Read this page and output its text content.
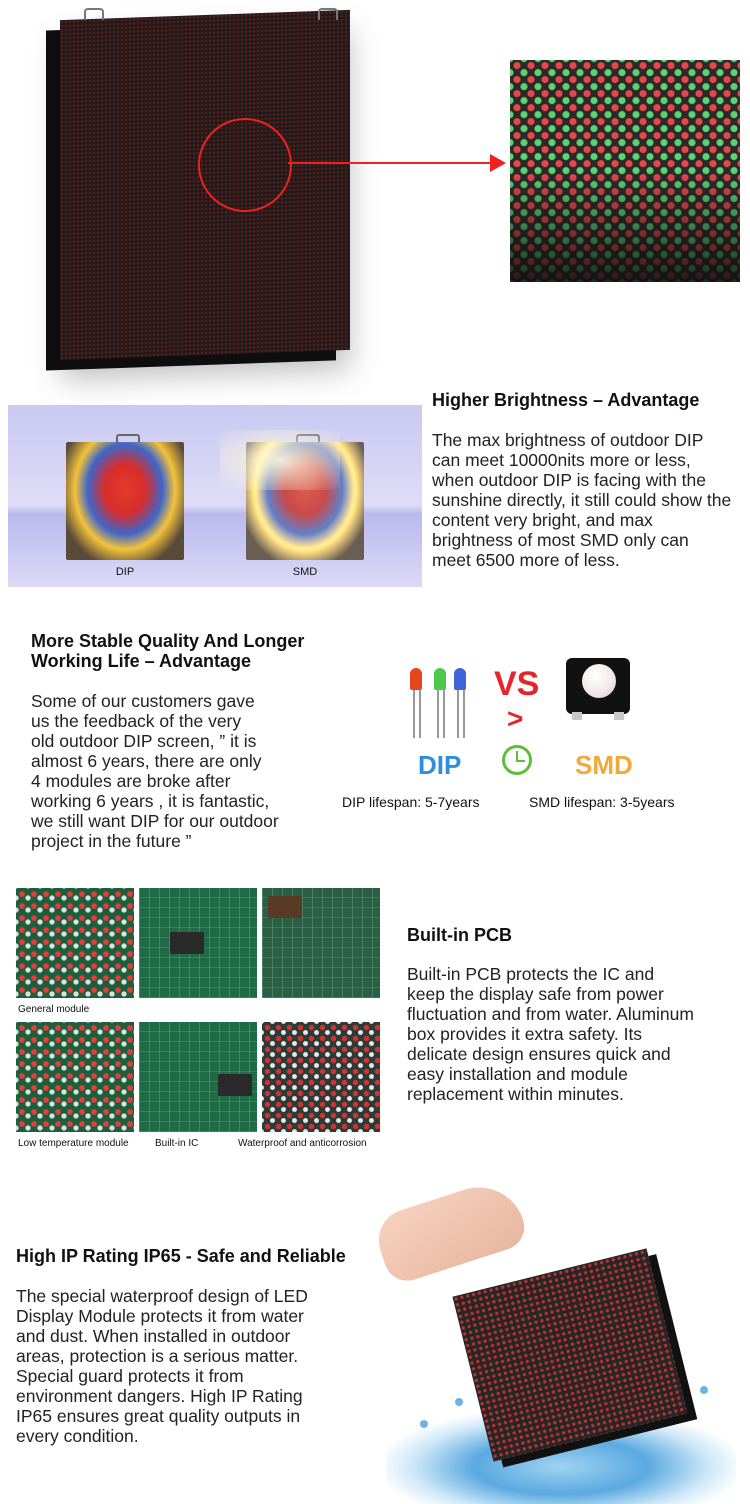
DIP	SMD
Higher Brightness – Advantage
The max brightness of outdoor DIP can meet 10000nits more or less, when outdoor DIP is facing with the sunshine directly, it still could show the content very bright, and max brightness of most SMD only can meet 6500 more of less.
More Stable Quality And Longer
Working Life – Advantage
Some of our customers gave
us the feedback of the very
old outdoor DIP screen, ” it is
almost 6 years, there are only
4 modules are broke after
working 6 years , it is fantastic,
we still want DIP for our outdoor
project in the future ”
VS
>
DIP	SMD
DIP lifespan: 5-7years	SMD lifespan: 3-5years
General module
Low temperature module	Built-in IC	Waterproof and anticorrosion
Built-in PCB
Built-in PCB protects the IC and
keep the display safe from power
fluctuation and from water. Aluminum
box provides it extra safety. Its
delicate design ensures quick and
easy installation and module
replacement within minutes.
High IP Rating IP65 - Safe and Reliable
The special waterproof design of LED
Display Module protects it from water
and dust. When installed in outdoor
areas, protection is a serious matter.
Special guard protects it from
environment dangers. High IP Rating
IP65 ensures great quality outputs in
every condition.
